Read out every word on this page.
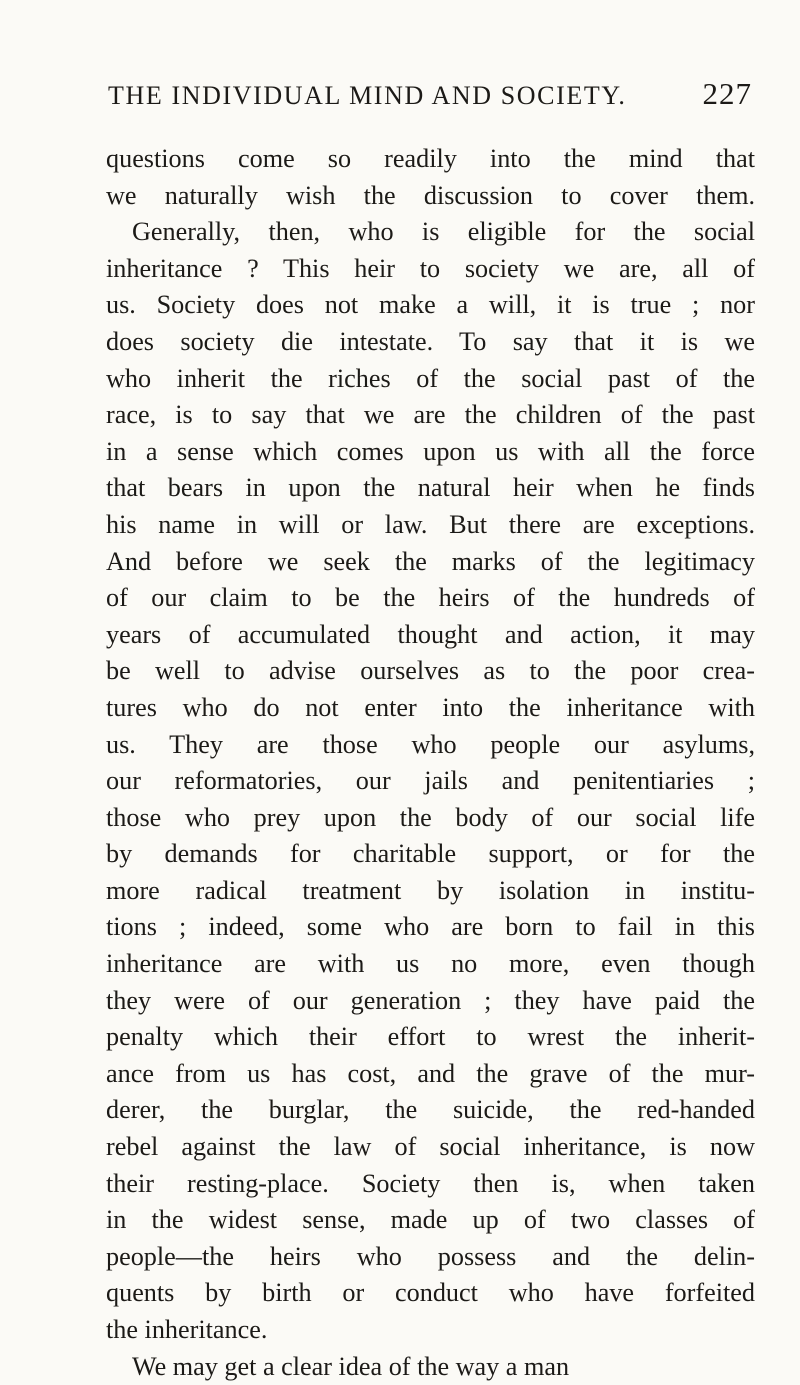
THE INDIVIDUAL MIND AND SOCIETY. 227
questions come so readily into the mind that
we naturally wish the discussion to cover them.
Generally, then, who is eligible for the social
inheritance ? This heir to society we are, all of
us. Society does not make a will, it is true ; nor
does society die intestate. To say that it is we
who inherit the riches of the social past of the
race, is to say that we are the children of the past
in a sense which comes upon us with all the force
that bears in upon the natural heir when he finds
his name in will or law. But there are exceptions.
And before we seek the marks of the legitimacy
of our claim to be the heirs of the hundreds of
years of accumulated thought and action, it may
be well to advise ourselves as to the poor crea-
tures who do not enter into the inheritance with
us. They are those who people our asylums,
our reformatories, our jails and penitentiaries ;
those who prey upon the body of our social life
by demands for charitable support, or for the
more radical treatment by isolation in institu-
tions ; indeed, some who are born to fail in this
inheritance are with us no more, even though
they were of our generation ; they have paid the
penalty which their effort to wrest the inherit-
ance from us has cost, and the grave of the mur-
derer, the burglar, the suicide, the red-handed
rebel against the law of social inheritance, is now
their resting-place. Society then is, when taken
in the widest sense, made up of two classes of
people—the heirs who possess and the delin-
quents by birth or conduct who have forfeited
the inheritance.
We may get a clear idea of the way a man
